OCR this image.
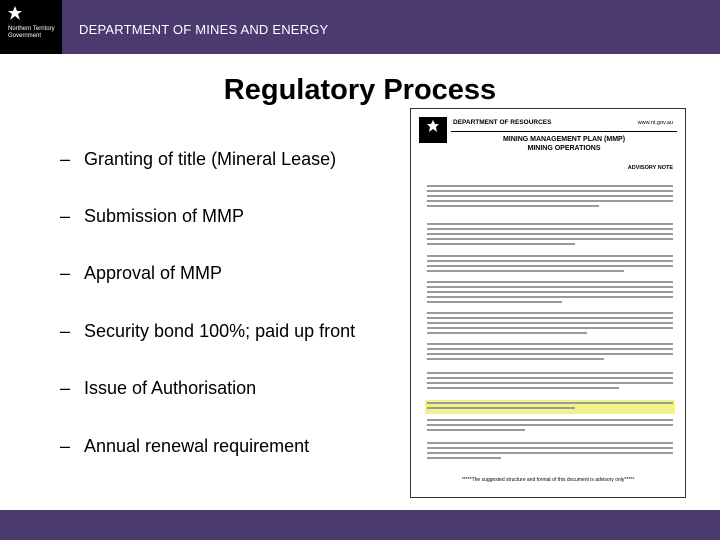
Northern Territory Government	DEPARTMENT OF MINES AND ENERGY
Regulatory Process
– Granting of title (Mineral Lease)
– Submission of MMP
– Approval of MMP
– Security bond 100%; paid up front
– Issue of Authorisation
– Annual renewal requirement
DEPARTMENT OF RESOURCES	www.nt.gov.au
MINING MANAGEMENT PLAN (MMP)
MINING OPERATIONS
ADVISORY NOTE
*****The suggested structure and format of this document is advisory only*****
